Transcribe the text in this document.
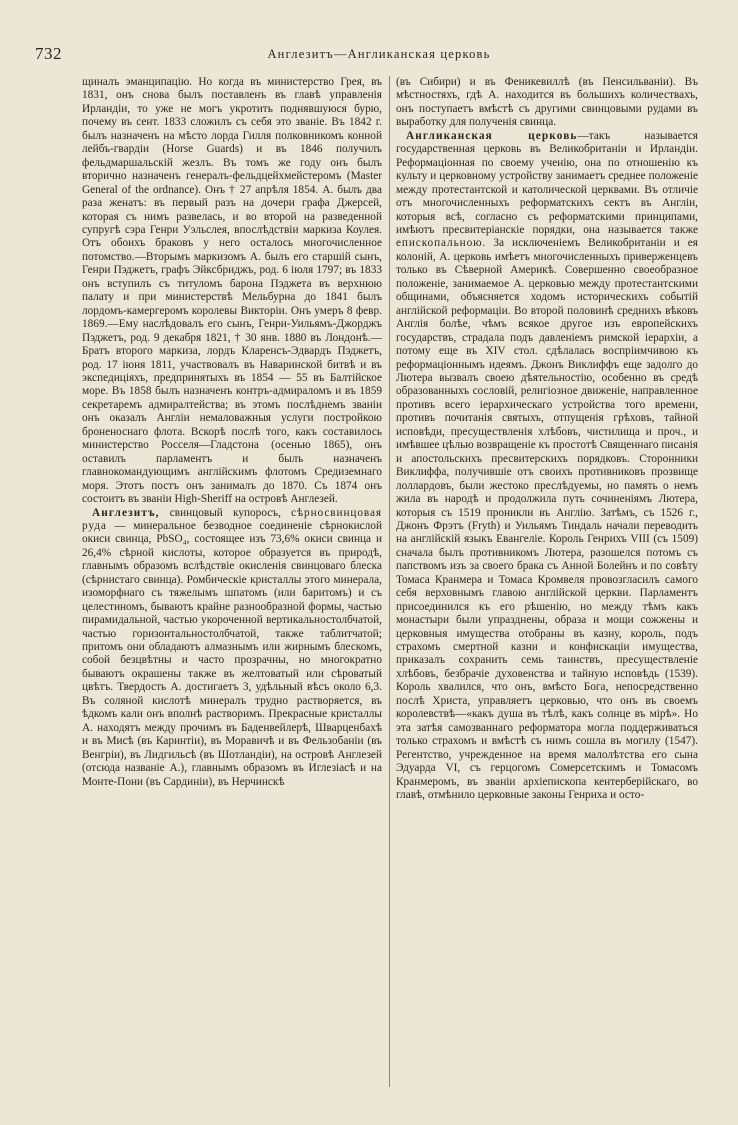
732	Англезитъ—Англиканская церковь

щиналъ эманципацію. Но когда въ министерство Грея, въ 1831, онъ снова былъ поставленъ въ главѣ управленія Ирландіи, то уже не могъ укротить поднявшуюся бурю, почему въ сент. 1833 сложилъ съ себя это званіе. Въ 1842 г. былъ назначенъ на мѣсто лорда Гилля полковникомъ конной лейбъ-гвардіи (Horse Guards) и въ 1846 получилъ фельдмаршальскій жезлъ. Въ томъ же году онъ былъ вторично назначенъ генералъ-фельдцейхмейстеромъ (Master General of the ordnance). Онъ † 27 апрѣля 1854. А. былъ два раза женатъ: въ первый разъ на дочери графа Джерсей, которая съ нимъ развелась, и во второй на разведенной супругѣ сэра Генри Уэльслея, впослѣдствіи маркиза Коулея. Отъ обоихъ браковъ у него осталось многочисленное потомство.—Вторымъ маркизомъ А. былъ его старшій сынъ, Генри Пэджетъ, графъ Эйксбриджъ, род. 6 іюля 1797; въ 1833 онъ вступилъ съ титуломъ барона Пэджета въ верхнюю палату и при министерствѣ Мельбурна до 1841 былъ лордомъ-камергеромъ королевы Викторіи. Онъ умеръ 8 февр. 1869.—Ему наслѣдовалъ его сынъ, Генри-Уильямъ-Джорджъ Пэджетъ, род. 9 декабря 1821, † 30 янв. 1880 въ Лондонѣ.—Братъ второго маркиза, лордъ Кларенсъ-Эдвардъ Пэджетъ, род. 17 іюня 1811, участвовалъ въ Наваринской битвѣ и въ экспедиціяхъ, предпринятыхъ въ 1854 — 55 въ Балтійское море. Въ 1858 былъ назначенъ контръ-адмираломъ и въ 1859 секретаремъ адмиралтейства; въ этомъ послѣднемъ званіи онъ оказалъ Англіи немаловажныя услуги постройкою броненоснаго флота. Вскорѣ послѣ того, какъ составилось министерство Росселя—Гладстона (осенью 1865), онъ оставилъ парламентъ и былъ назначенъ главнокомандующимъ англійскимъ флотомъ Средиземнаго моря. Этотъ постъ онъ занималъ до 1870. Съ 1874 онъ состоитъ въ званіи High-Sheriff на островѣ Англезей.

Англезитъ, свинцовый купоросъ, сѣрносвинцовая руда — минеральное безводное соединеніе сѣрнокислой окиси свинца, PbSO₄, состоящее изъ 73,6% окиси свинца и 26,4% сѣрной кислоты, которое образуется въ природѣ, главнымъ образомъ вслѣдствіе окисленія свинцоваго блеска (сѣрнистаго свинца). Ромбическіе кристаллы этого минерала, изоморфнаго съ тяжелымъ шпатомъ (или баритомъ) и съ целестиномъ, бываютъ крайне разнообразной формы, частью пирамидальной, частью укороченной вертикальностолбчатой, частью горизонтальностолбчатой, также таблитчатой; притомъ они обладаютъ алмазнымъ или жирнымъ блескомъ, собой безцвѣтны и часто прозрачны, но многократно бываютъ окрашены также въ желтоватый или сѣроватый цвѣтъ. Твердость А. достигаетъ 3, удѣльный вѣсъ около 6,3. Въ соляной кислотѣ минералъ трудно растворяется, въ ѣдкомъ кали онъ вполнѣ растворимъ. Прекрасные кристаллы А. находятъ между прочимъ въ Баденвейлерѣ, Шварценбахѣ и въ Мисѣ (въ Каринтіи), въ Моравичѣ и въ Фельзобаніи (въ Венгріи), въ Лидгильсѣ (въ Шотландіи), на островѣ Англезей (отсюда названіе А.), главнымъ образомъ въ Иглезіасѣ и на Монте-Пони (въ Сардиніи), въ Нерчинскѣ

(въ Сибири) и въ Феникевиллѣ (въ Пенсильваніи). Въ мѣстностяхъ, гдѣ А. находится въ большихъ количествахъ, онъ поступаетъ вмѣстѣ съ другими свинцовыми рудами въ выработку для полученія свинца.

Англиканская церковь—такъ называется государственная церковь въ Великобританіи и Ирландіи. Реформаціонная по своему ученію, она по отношенію къ культу и церковному устройству занимаетъ среднее положеніе между протестантской и католической церквами. Въ отличіе отъ многочисленныхъ реформатскихъ сектъ въ Англіи, которыя всѣ, согласно съ реформатскими принципами, имѣютъ пресвитеріанскіе порядки, она называется также епископальною. За исключеніемъ Великобританіи и ея колоній, А. церковь имѣетъ многочисленныхъ приверженцевъ только въ Сѣверной Америкѣ. Совершенно своеобразное положеніе, занимаемое А. церковью между протестантскими общинами, объясняется ходомъ историческихъ событій англійской реформаціи. Во второй половинѣ среднихъ вѣковъ Англія болѣе, чѣмъ всякое другое изъ европейскихъ государствъ, страдала подъ давленіемъ римской іерархіи, а потому еще въ XIV стол. сдѣлалась воспріимчивою къ реформаціоннымъ идеямъ. Джонъ Виклиффъ еще задолго до Лютера вызвалъ своею дѣятельностію, особенно въ средѣ образованныхъ сословій, религіозное движеніе, направленное противъ всего іерархическаго устройства того времени, противъ почитанія святыхъ, отпущенія грѣховъ, тайной исповѣди, пресуществленія хлѣбовъ, чистилища и проч., и имѣвшее цѣлью возвращеніе къ простотѣ Священнаго писанія и апостольскихъ пресвитерскихъ порядковъ. Сторонники Виклиффа, получившіе отъ своихъ противниковъ прозвище лоллардовъ, были жестоко преслѣдуемы, но память о немъ жила въ народѣ и продолжила путь сочиненіямъ Лютера, которыя съ 1519 проникли въ Англію. Затѣмъ, съ 1526 г., Джонъ Фрэтъ (Fryth) и Уильямъ Тиндаль начали переводить на англійскій языкъ Евангеліе. Король Генрихъ VIII (съ 1509) сначала былъ противникомъ Лютера, разошелся потомъ съ папствомъ изъ за своего брака съ Анной Болейнъ и по совѣту Томаса Кранмера и Томаса Кромвеля провозгласилъ самого себя верховнымъ главою англійской церкви. Парламентъ присоединился къ его рѣшенію, но между тѣмъ какъ монастыри были упразднены, образа и мощи сожжены и церковныя имущества отобраны въ казну, король, подъ страхомъ смертной казни и конфискаціи имущества, приказалъ сохранить семь таинствъ, пресуществленіе хлѣбовъ, безбрачіе духовенства и тайную исповѣдь (1539). Король хвалился, что онъ, вмѣсто Бога, непосредственно послѣ Христа, управляетъ церковью, что онъ въ своемъ королевствѣ—«какъ душа въ тѣлѣ, какъ солнце въ мірѣ». Но эта затѣя самозваннаго реформатора могла поддерживаться только страхомъ и вмѣстѣ съ нимъ сошла въ могилу (1547). Регентство, учрежденное на время малолѣтства его сына Эдуарда VI, съ герцогомъ Сомерсетскимъ и Томасомъ Кранмеромъ, въ званіи архіепископа кентерберійскаго, во главѣ, отмѣнило церковные законы Генриха и осто-
